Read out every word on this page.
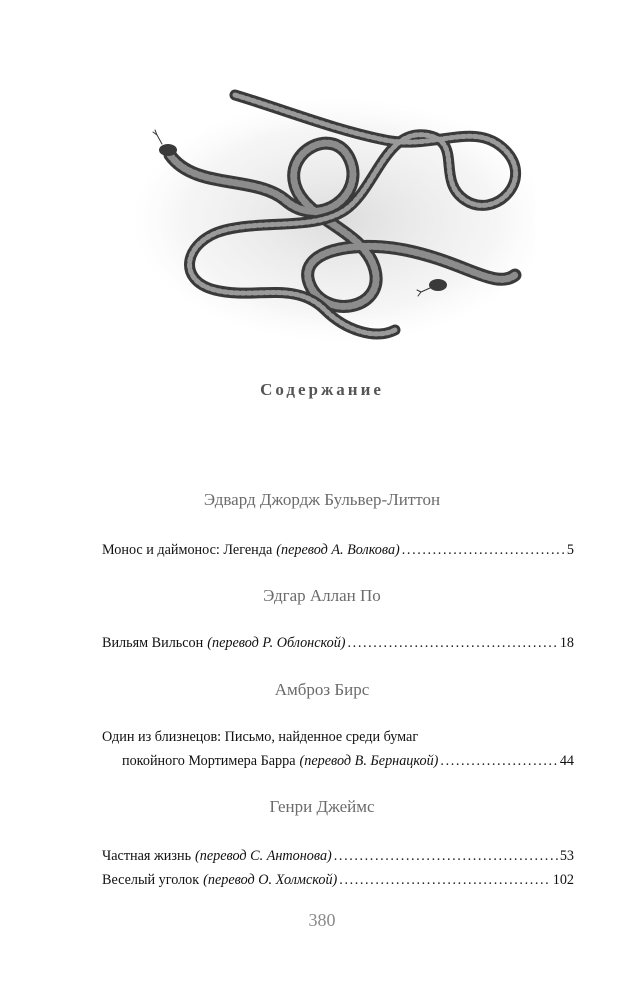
Содержание
Эдвард Джордж Бульвер-Литтон
Монос и даймонос: Легенда (перевод А. Волкова) .....	5
Эдгар Аллан По
Вильям Вильсон (перевод Р. Облонской) .....	18
Амброз Бирс
Один из близнецов: Письмо, найденное среди бумаг
покойного Мортимера Барра (перевод В. Бернацкой) .....	44
Генри Джеймс
Частная жизнь (перевод С. Антонова) .....	53
Веселый уголок (перевод О. Холмской) .....	102
380
